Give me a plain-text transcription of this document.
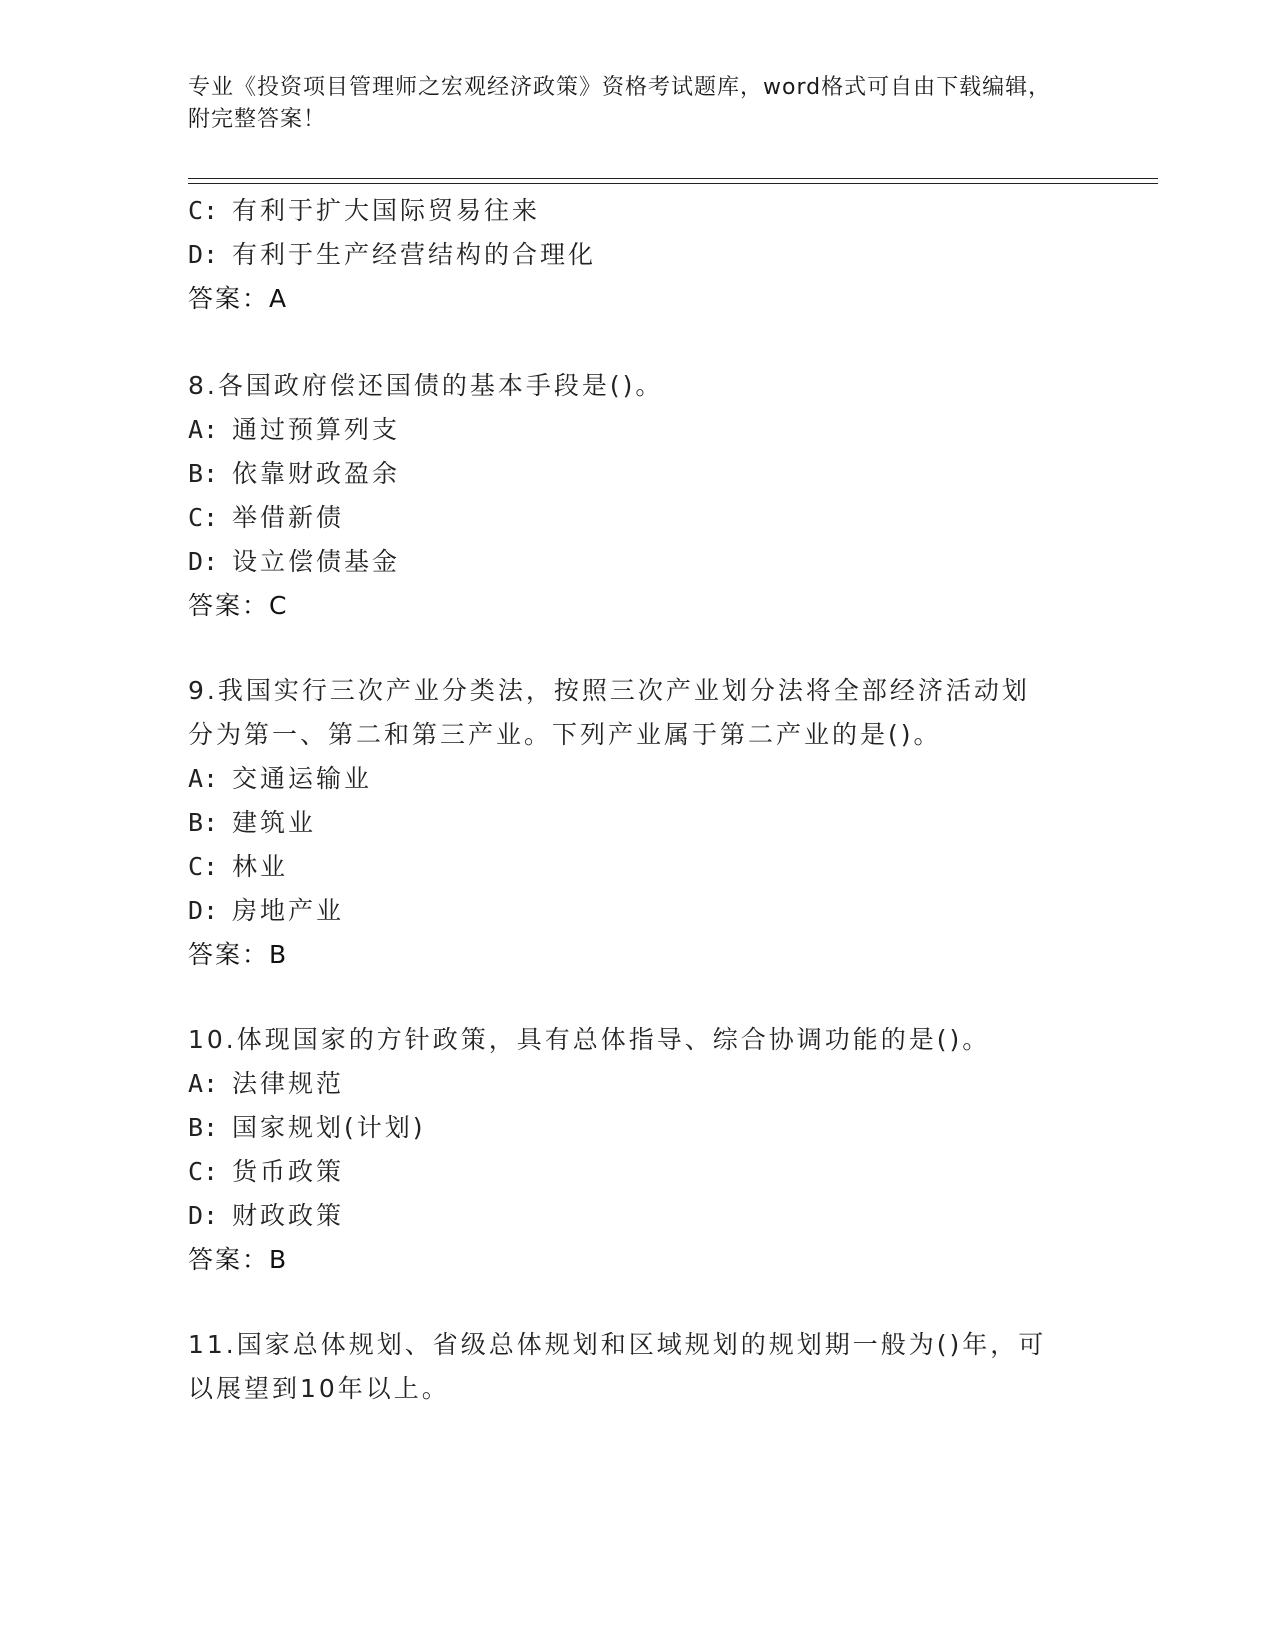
专业《投资项目管理师之宏观经济政策》资格考试题库，word格式可自由下载编辑，附完整答案！
C: 有利于扩大国际贸易往来
D: 有利于生产经营结构的合理化
答案：A
8.各国政府偿还国债的基本手段是()。
A: 通过预算列支
B: 依靠财政盈余
C: 举借新债
D: 设立偿债基金
答案：C
9.我国实行三次产业分类法，按照三次产业划分法将全部经济活动划
分为第一、第二和第三产业。下列产业属于第二产业的是()。
A: 交通运输业
B: 建筑业
C: 林业
D: 房地产业
答案：B
10.体现国家的方针政策，具有总体指导、综合协调功能的是()。
A: 法律规范
B: 国家规划(计划)
C: 货币政策
D: 财政政策
答案：B
11.国家总体规划、省级总体规划和区域规划的规划期一般为()年，可
以展望到10年以上。
